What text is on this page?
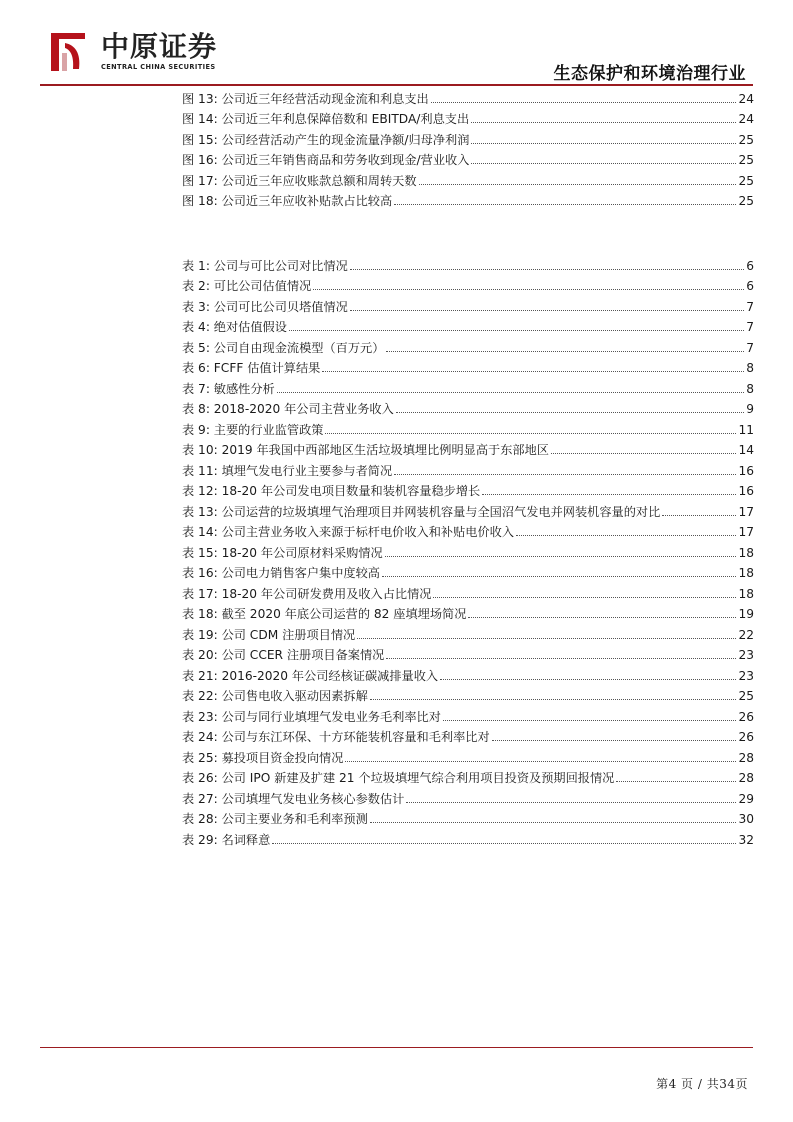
中原证券
CENTRAL CHINA SECURITIES	生态保护和环境治理行业
图 13: 公司近三年经营活动现金流和利息支出	24
图 14: 公司近三年利息保障倍数和 EBITDA/利息支出	24
图 15: 公司经营活动产生的现金流量净额/归母净利润	25
图 16: 公司近三年销售商品和劳务收到现金/营业收入	25
图 17: 公司近三年应收账款总额和周转天数	25
图 18: 公司近三年应收补贴款占比较高	25
表 1: 公司与可比公司对比情况	6
表 2: 可比公司估值情况	6
表 3: 公司可比公司贝塔值情况	7
表 4: 绝对估值假设	7
表 5: 公司自由现金流模型（百万元）	7
表 6: FCFF 估值计算结果	8
表 7: 敏感性分析	8
表 8: 2018-2020 年公司主营业务收入	9
表 9: 主要的行业监管政策	11
表 10: 2019 年我国中西部地区生活垃圾填埋比例明显高于东部地区	14
表 11: 填埋气发电行业主要参与者简况	16
表 12: 18-20 年公司发电项目数量和装机容量稳步增长	16
表 13: 公司运营的垃圾填埋气治理项目并网装机容量与全国沼气发电并网装机容量的对比	17
表 14: 公司主营业务收入来源于标杆电价收入和补贴电价收入	17
表 15: 18-20 年公司原材料采购情况	18
表 16: 公司电力销售客户集中度较高	18
表 17: 18-20 年公司研发费用及收入占比情况	18
表 18: 截至 2020 年底公司运营的 82 座填埋场简况	19
表 19: 公司 CDM 注册项目情况	22
表 20: 公司 CCER 注册项目备案情况	23
表 21: 2016-2020 年公司经核证碳减排量收入	23
表 22: 公司售电收入驱动因素拆解	25
表 23: 公司与同行业填埋气发电业务毛利率比对	26
表 24: 公司与东江环保、十方环能装机容量和毛利率比对	26
表 25: 募投项目资金投向情况	28
表 26: 公司 IPO 新建及扩建 21 个垃圾填埋气综合利用项目投资及预期回报情况	28
表 27: 公司填埋气发电业务核心参数估计	29
表 28: 公司主要业务和毛利率预测	30
表 29: 名词释意	32
第4 页 / 共34页
